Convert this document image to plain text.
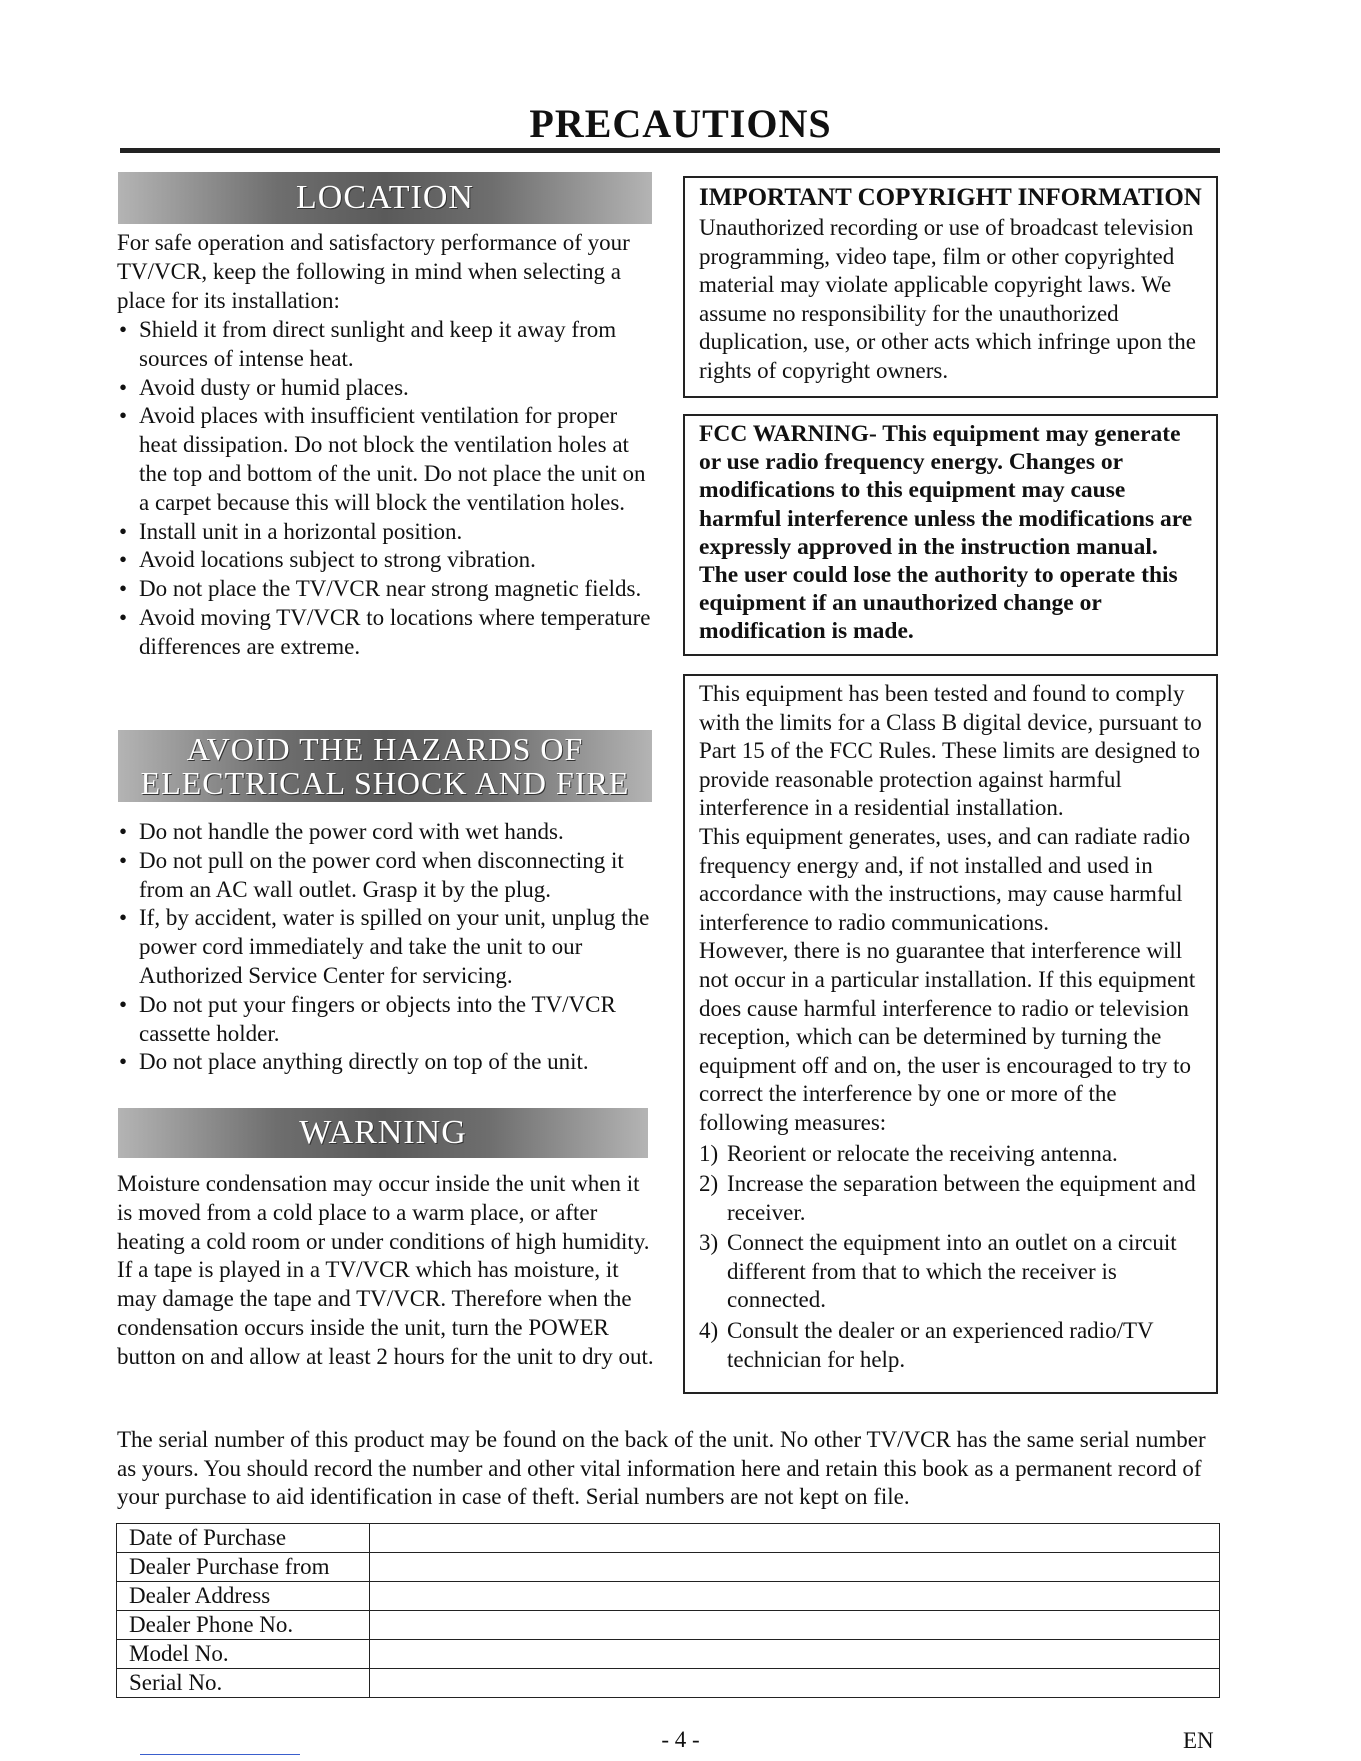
PRECAUTIONS
LOCATION
For safe operation and satisfactory performance of your TV/VCR, keep the following in mind when selecting a place for its installation:
• Shield it from direct sunlight and keep it away from sources of intense heat.
• Avoid dusty or humid places.
• Avoid places with insufficient ventilation for proper heat dissipation. Do not block the ventilation holes at the top and bottom of the unit. Do not place the unit on a carpet because this will block the ventilation holes.
• Install unit in a horizontal position.
• Avoid locations subject to strong vibration.
• Do not place the TV/VCR near strong magnetic fields.
• Avoid moving TV/VCR to locations where temperature differences are extreme.
AVOID THE HAZARDS OF
ELECTRICAL SHOCK AND FIRE
• Do not handle the power cord with wet hands.
• Do not pull on the power cord when disconnecting it from an AC wall outlet. Grasp it by the plug.
• If, by accident, water is spilled on your unit, unplug the power cord immediately and take the unit to our Authorized Service Center for servicing.
• Do not put your fingers or objects into the TV/VCR cassette holder.
• Do not place anything directly on top of the unit.
WARNING
Moisture condensation may occur inside the unit when it is moved from a cold place to a warm place, or after heating a cold room or under conditions of high humidity. If a tape is played in a TV/VCR which has moisture, it may damage the tape and TV/VCR. Therefore when the condensation occurs inside the unit, turn the POWER button on and allow at least 2 hours for the unit to dry out.
IMPORTANT COPYRIGHT INFORMATION

Unauthorized recording or use of broadcast television programming, video tape, film or other copyrighted material may violate applicable copyright laws. We assume no responsibility for the unauthorized duplication, use, or other acts which infringe upon the rights of copyright owners.

FCC WARNING- This equipment may generate or use radio frequency energy. Changes or modifications to this equipment may cause harmful interference unless the modifications are expressly approved in the instruction manual. The user could lose the authority to operate this equipment if an unauthorized change or modification is made.

This equipment has been tested and found to comply with the limits for a Class B digital device, pursuant to Part 15 of the FCC Rules. These limits are designed to provide reasonable protection against harmful interference in a residential installation.

This equipment generates, uses, and can radiate radio frequency energy and, if not installed and used in accordance with the instructions, may cause harmful interference to radio communications.

However, there is no guarantee that interference will not occur in a particular installation. If this equipment does cause harmful interference to radio or television reception, which can be determined by turning the equipment off and on, the user is encouraged to try to correct the interference by one or more of the following measures:

1) Reorient or relocate the receiving antenna.
2) Increase the separation between the equipment and receiver.
3) Connect the equipment into an outlet on a circuit different from that to which the receiver is connected.
4) Consult the dealer or an experienced radio/TV technician for help.
The serial number of this product may be found on the back of the unit. No other TV/VCR has the same serial number as yours. You should record the number and other vital information here and retain this book as a permanent record of your purchase to aid identification in case of theft. Serial numbers are not kept on file.
Date of Purchase	
Dealer Purchase from	
Dealer Address	
Dealer Phone No.	
Model No.	
Serial No.	
- 4 -	EN
